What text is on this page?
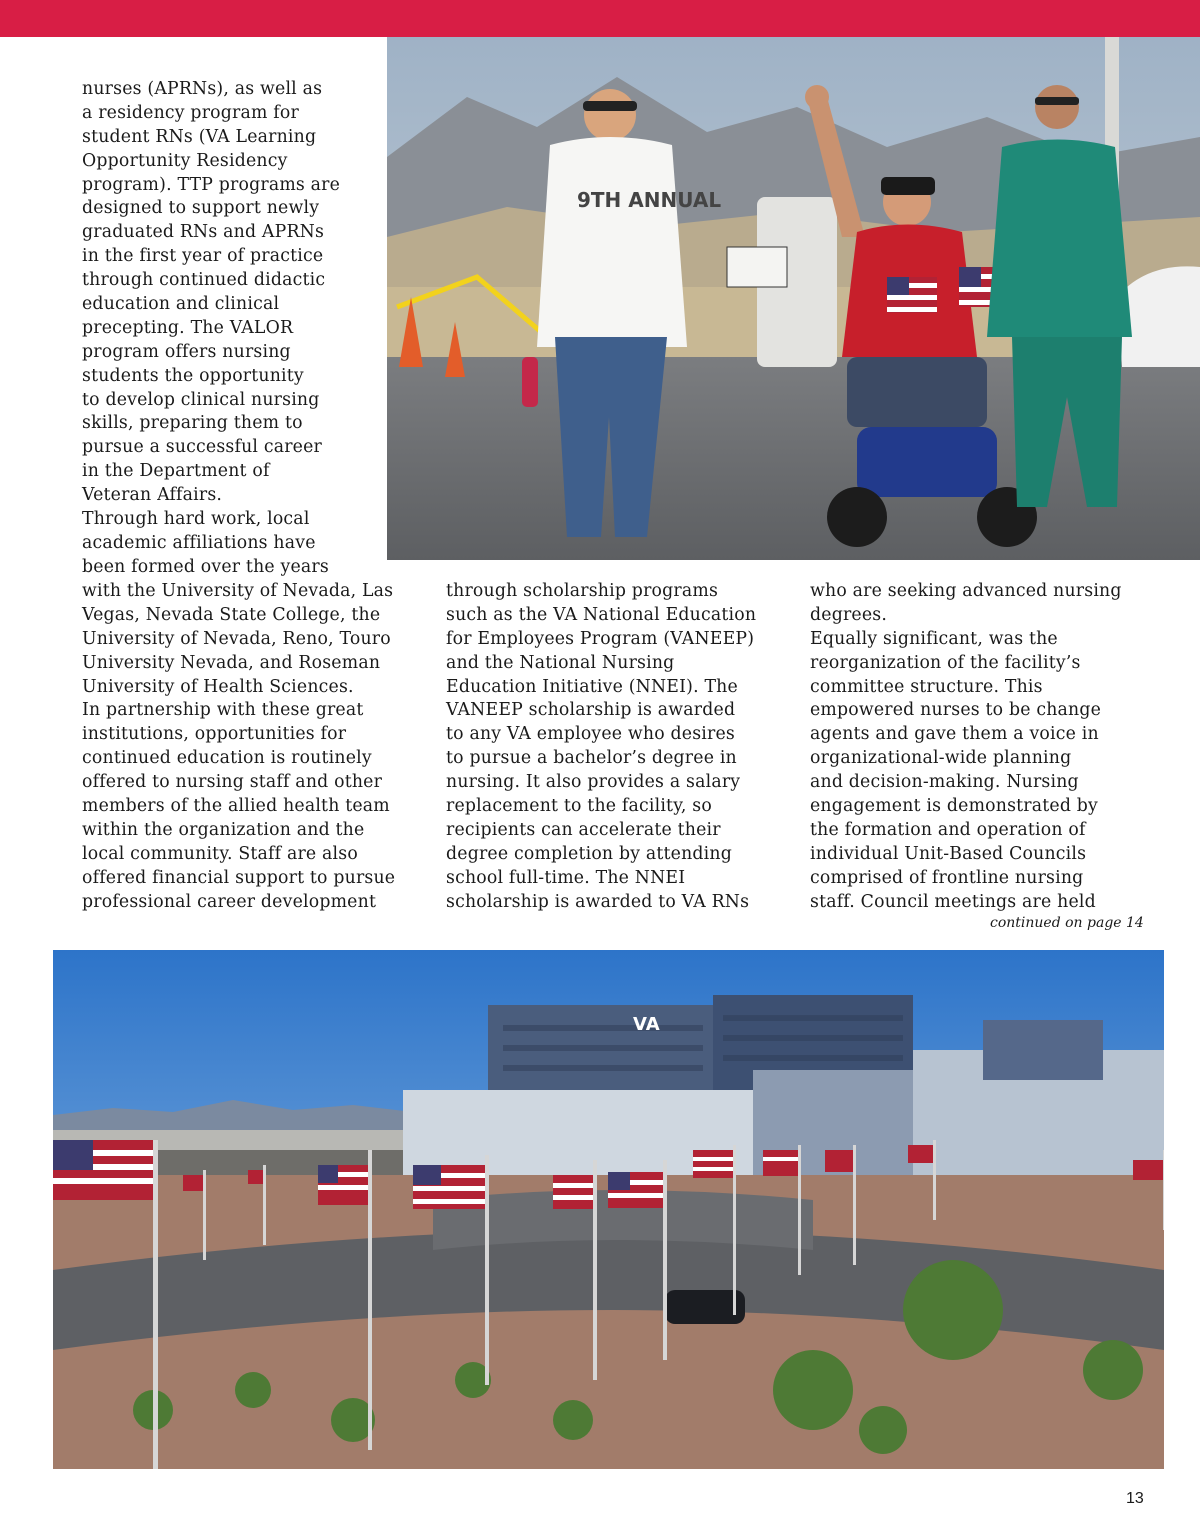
nurses (APRNs), as well as
a residency program for
student RNs (VA Learning
Opportunity Residency
program). TTP programs are
designed to support newly
graduated RNs and APRNs
in the first year of practice
through continued didactic
education and clinical
precepting. The VALOR
program offers nursing
students the opportunity
to develop clinical nursing
skills, preparing them to
pursue a successful career
in the Department of
Veteran Affairs.
Through hard work, local
academic affiliations have
been formed over the years
with the University of Nevada, Las
Vegas, Nevada State College, the
University of Nevada, Reno, Touro
University Nevada, and Roseman
University of Health Sciences.
In partnership with these great
institutions, opportunities for
continued education is routinely
offered to nursing staff and other
members of the allied health team
within the organization and the
local community. Staff are also
offered financial support to pursue
professional career development
through scholarship programs
such as the VA National Education
for Employees Program (VANEEP)
and the National Nursing
Education Initiative (NNEI). The
VANEEP scholarship is awarded
to any VA employee who desires
to pursue a bachelor’s degree in
nursing. It also provides a salary
replacement to the facility, so
recipients can accelerate their
degree completion by attending
school full-time. The NNEI
scholarship is awarded to VA RNs
who are seeking advanced nursing
degrees.
Equally significant, was the
reorganization of the facility’s
committee structure. This
empowered nurses to be change
agents and gave them a voice in
organizational-wide planning
and decision-making. Nursing
engagement is demonstrated by
the formation and operation of
individual Unit-Based Councils
comprised of frontline nursing
staff. Council meetings are held
continued on page 14
9TH ANNUAL
VA
13
